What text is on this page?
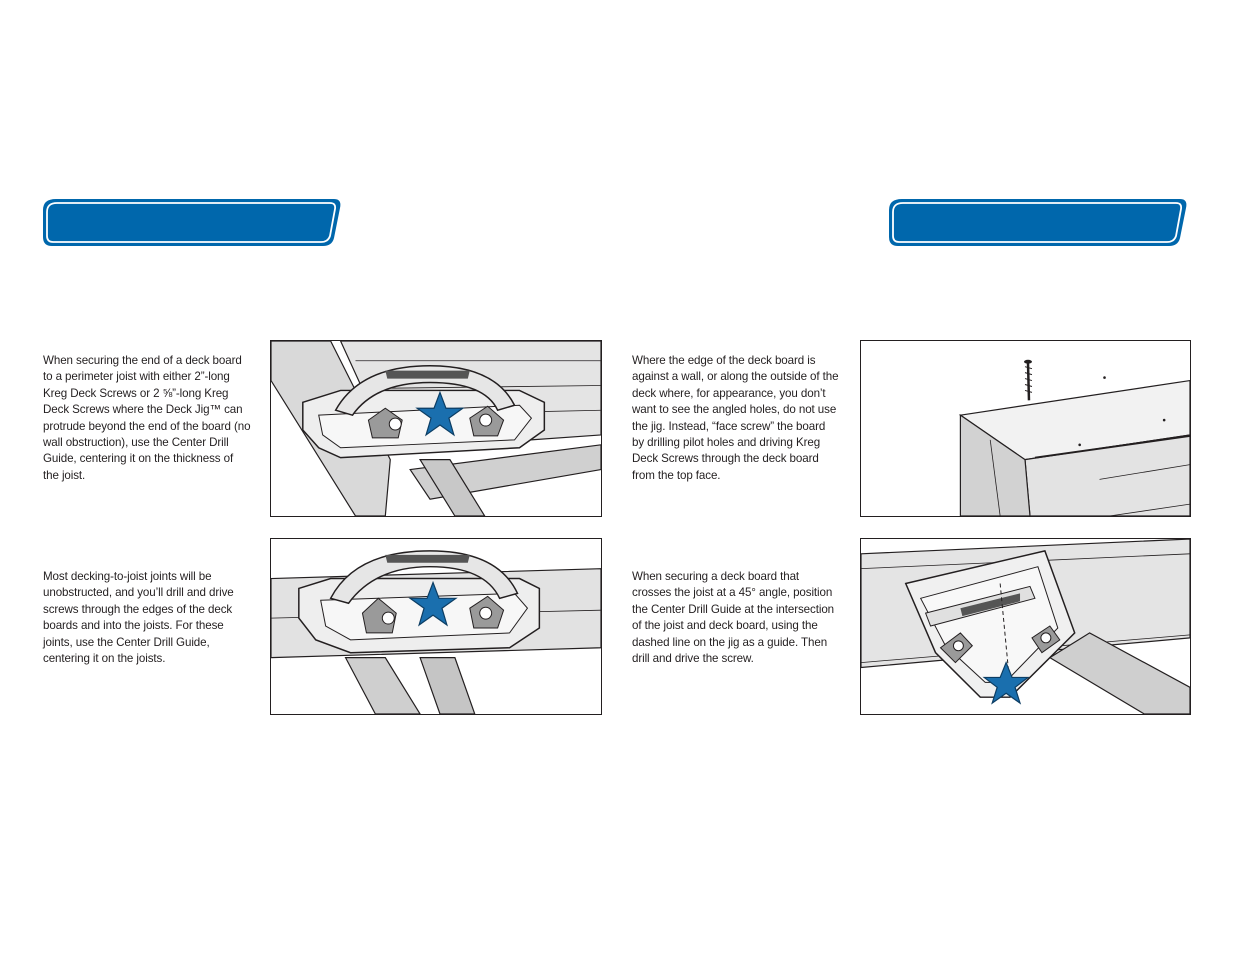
When securing the end of a deck board to a perimeter joist with either 2”-long Kreg Deck Screws or 2 ⅝”-long Kreg Deck Screws where the Deck Jig™ can protrude beyond the end of the board (no wall obstruction), use the Center Drill Guide, centering it on the thickness of the joist.
Most decking-to-joist joints will be unobstructed, and you’ll drill and drive screws through the edges of the deck boards and into the joists. For these joints, use the Center Drill Guide, centering it on the joists.
Where the edge of the deck board is against a wall, or along the outside of the deck where, for appearance, you don’t want to see the angled holes, do not use the jig. Instead, “face screw” the board by drilling pilot holes and driving Kreg Deck Screws through the deck board from the top face.
When securing a deck board that crosses the joist at a 45° angle, position the Center Drill Guide at the intersection of the joist and deck board, using the dashed line on the jig as a guide. Then drill and drive the screw.
